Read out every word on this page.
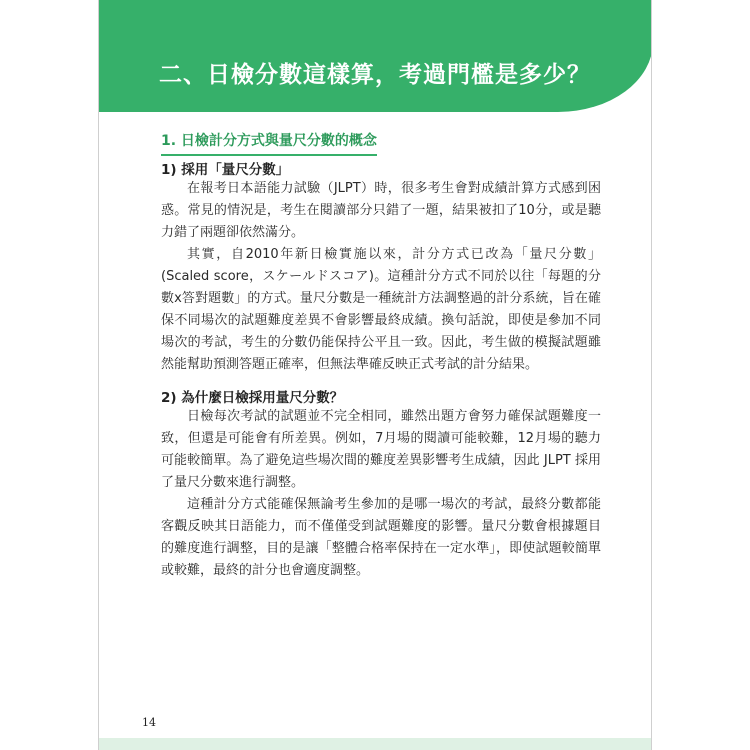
二、日檢分數這樣算，考過門檻是多少？
1. 日檢計分方式與量尺分數的概念
1) 採用「量尺分數」

在報考日本語能力試驗（JLPT）時，很多考生會對成績計算方式感到困惑。常見的情況是，考生在閱讀部分只錯了一題，結果被扣了10分，或是聽力錯了兩題卻依然滿分。

其實，自2010年新日檢實施以來，計分方式已改為「量尺分數」(Scaled score，スケールドスコア)。這種計分方式不同於以往「每題的分數x答對題數」的方式。量尺分數是一種統計方法調整過的計分系統，旨在確保不同場次的試題難度差異不會影響最終成績。換句話說，即使是參加不同場次的考試，考生的分數仍能保持公平且一致。因此，考生做的模擬試題雖然能幫助預測答題正確率，但無法準確反映正式考試的計分結果。

2) 為什麼日檢採用量尺分數？

日檢每次考試的試題並不完全相同，雖然出題方會努力確保試題難度一致，但還是可能會有所差異。例如，7月場的閱讀可能較難，12月場的聽力可能較簡單。為了避免這些場次間的難度差異影響考生成績，因此 JLPT 採用了量尺分數來進行調整。

這種計分方式能確保無論考生參加的是哪一場次的考試，最終分數都能客觀反映其日語能力，而不僅僅受到試題難度的影響。量尺分數會根據題目的難度進行調整，目的是讓「整體合格率保持在一定水準」，即使試題較簡單或較難，最終的計分也會適度調整。

14
